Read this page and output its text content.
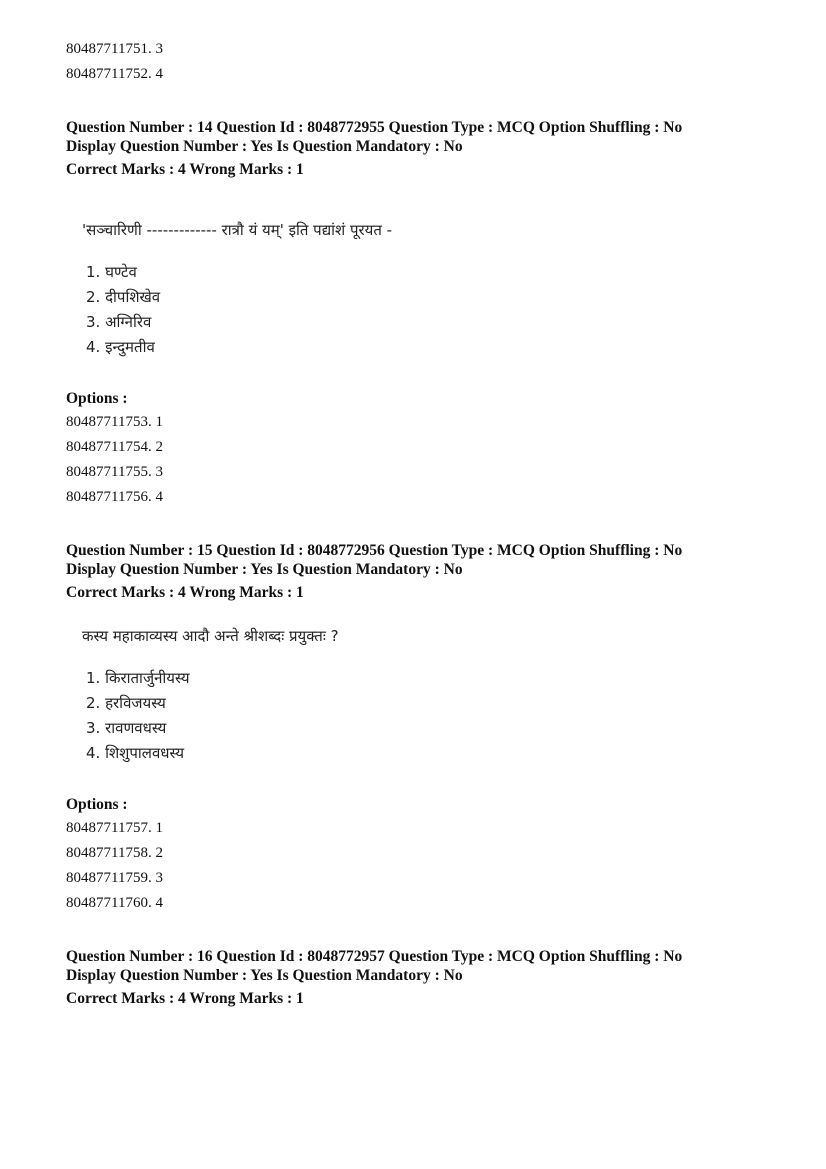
80487711751. 3
80487711752. 4
Question Number : 14 Question Id : 8048772955 Question Type : MCQ Option Shuffling : No
Display Question Number : Yes Is Question Mandatory : No
Correct Marks : 4 Wrong Marks : 1
'सञ्चारिणी ------------- रात्रौ यं यम्' इति पद्यांशं पूरयत -
1. घण्टेव
2. दीपशिखेव
3. अग्निरिव
4. इन्दुमतीव
Options :
80487711753. 1
80487711754. 2
80487711755. 3
80487711756. 4
Question Number : 15 Question Id : 8048772956 Question Type : MCQ Option Shuffling : No
Display Question Number : Yes Is Question Mandatory : No
Correct Marks : 4 Wrong Marks : 1
कस्य महाकाव्यस्य आदौ अन्ते श्रीशब्दः प्रयुक्तः ?
1. किरातार्जुनीयस्य
2. हरविजयस्य
3. रावणवधस्य
4. शिशुपालवधस्य
Options :
80487711757. 1
80487711758. 2
80487711759. 3
80487711760. 4
Question Number : 16 Question Id : 8048772957 Question Type : MCQ Option Shuffling : No
Display Question Number : Yes Is Question Mandatory : No
Correct Marks : 4 Wrong Marks : 1
